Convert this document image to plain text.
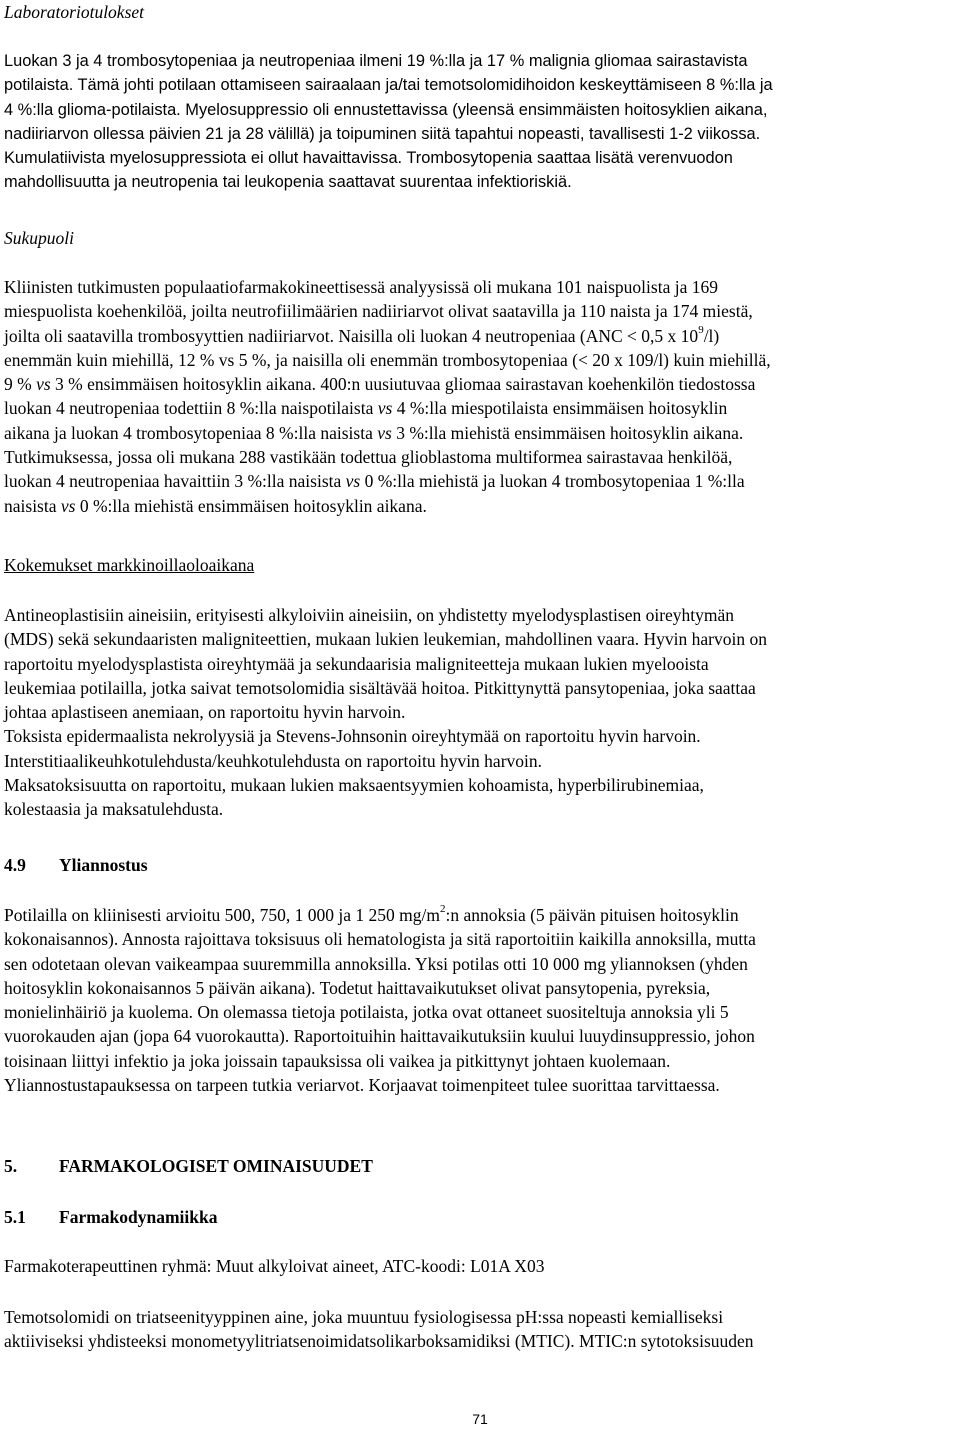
Laboratoriotulokset
Luokan 3 ja 4 trombosytopeniaa ja neutropeniaa ilmeni 19 %:lla ja 17 % malignia gliomaa sairastavista
potilaista. Tämä johti potilaan ottamiseen sairaalaan ja/tai temotsolomidihoidon keskeyttämiseen 8 %:lla ja
4 %:lla glioma-potilaista. Myelosuppressio oli ennustettavissa (yleensä ensimmäisten hoitosyklien aikana,
nadiiriarvon ollessa päivien 21 ja 28 välillä) ja toipuminen siitä tapahtui nopeasti, tavallisesti 1-2 viikossa.
Kumulatiivista myelosuppressiota ei ollut havaittavissa. Trombosytopenia saattaa lisätä verenvuodon
mahdollisuutta ja neutropenia tai leukopenia saattavat suurentaa infektioriskiä.
Sukupuoli
Kliinisten tutkimusten populaatiofarmakokineettisessä analyysissä oli mukana 101 naispuolista ja 169
miespuolista koehenkilöä, joilta neutrofiilimäärien nadiiriarvot olivat saatavilla ja 110 naista ja 174 miestä,
joilta oli saatavilla trombosyyttien nadiiriarvot. Naisilla oli luokan 4 neutropeniaa (ANC < 0,5 x $10^9/l$)
enemmän kuin miehillä, 12 % vs 5 %, ja naisilla oli enemmän trombosytopeniaa (< 20 x 109/l) kuin miehillä,
9 % vs 3 % ensimmäisen hoitosyklin aikana. 400:n uusiutuvaa gliomaa sairastavan koehenkilön tiedostossa
luokan 4 neutropeniaa todettiin 8 %:lla naispotilaista vs 4 %:lla miespotilaista ensimmäisen hoitosyklin
aikana ja luokan 4 trombosytopeniaa 8 %:lla naisista vs 3 %:lla miehistä ensimmäisen hoitosyklin aikana.
Tutkimuksessa, jossa oli mukana 288 vastikään todettua glioblastoma multiformea sairastavaa henkilöä,
luokan 4 neutropeniaa havaittiin 3 %:lla naisista vs 0 %:lla miehistä ja luokan 4 trombosytopeniaa 1 %:lla
naisista vs 0 %:lla miehistä ensimmäisen hoitosyklin aikana.
Kokemukset markkinoillaoloaikana
Antineoplastisiin aineisiin, erityisesti alkyloiviin aineisiin, on yhdistetty myelodysplastisen oireyhtymän
(MDS) sekä sekundaaristen maligniteettien, mukaan lukien leukemian, mahdollinen vaara. Hyvin harvoin on
raportoitu myelodysplastista oireyhtymää ja sekundaarisia maligniteetteja mukaan lukien myelooista
leukemiaa potilailla, jotka saivat temotsolomidia sisältävää hoitoa. Pitkittynyttä pansytopeniaa, joka saattaa
johtaa aplastiseen anemiaan, on raportoitu hyvin harvoin.
Toksista epidermaalista nekrolyysiä ja Stevens-Johnsonin oireyhtymää on raportoitu hyvin harvoin.
Interstitiaalikeuhkotulehdusta/keuhkotulehdusta on raportoitu hyvin harvoin.
Maksatoksisuutta on raportoitu, mukaan lukien maksaentsyymien kohoamista, hyperbilirubinemiaa,
kolestaasia ja maksatulehdusta.
4.9 Yliannostus
Potilailla on kliinisesti arvioitu 500, 750, 1 000 ja 1 250 $mg/m^2:n$ annoksia (5 päivän pituisen hoitosyklin
kokonaisannos). Annosta rajoittava toksisuus oli hematologista ja sitä raportoitiin kaikilla annoksilla, mutta
sen odotetaan olevan vaikeampaa suuremmilla annoksilla. Yksi potilas otti 10 000 mg yliannoksen (yhden
hoitosyklin kokonaisannos 5 päivän aikana). Todetut haittavaikutukset olivat pansytopenia, pyreksia,
monielinhäiriö ja kuolema. On olemassa tietoja potilaista, jotka ovat ottaneet suositeltuja annoksia yli 5
vuorokauden ajan (jopa 64 vuorokautta). Raportoituihin haittavaikutuksiin kuului luuydinsuppressio, johon
toisinaan liittyi infektio ja joka joissain tapauksissa oli vaikea ja pitkittynyt johtaen kuolemaan.
Yliannostustapauksessa on tarpeen tutkia veriarvot. Korjaavat toimenpiteet tulee suorittaa tarvittaessa.
5. FARMAKOLOGISET OMINAISUUDET
5.1 Farmakodynamiikka
Farmakoterapeuttinen ryhmä: Muut alkyloivat aineet, ATC-koodi: L01A X03
Temotsolomidi on triatseenityyppinen aine, joka muuntuu fysiologisessa pH:ssa nopeasti kemialliseksi
aktiiviseksi yhdisteeksi monometyylitriatsenoimidatsolikarboksamidiksi (MTIC). MTIC:n sytotoksisuuden
71
